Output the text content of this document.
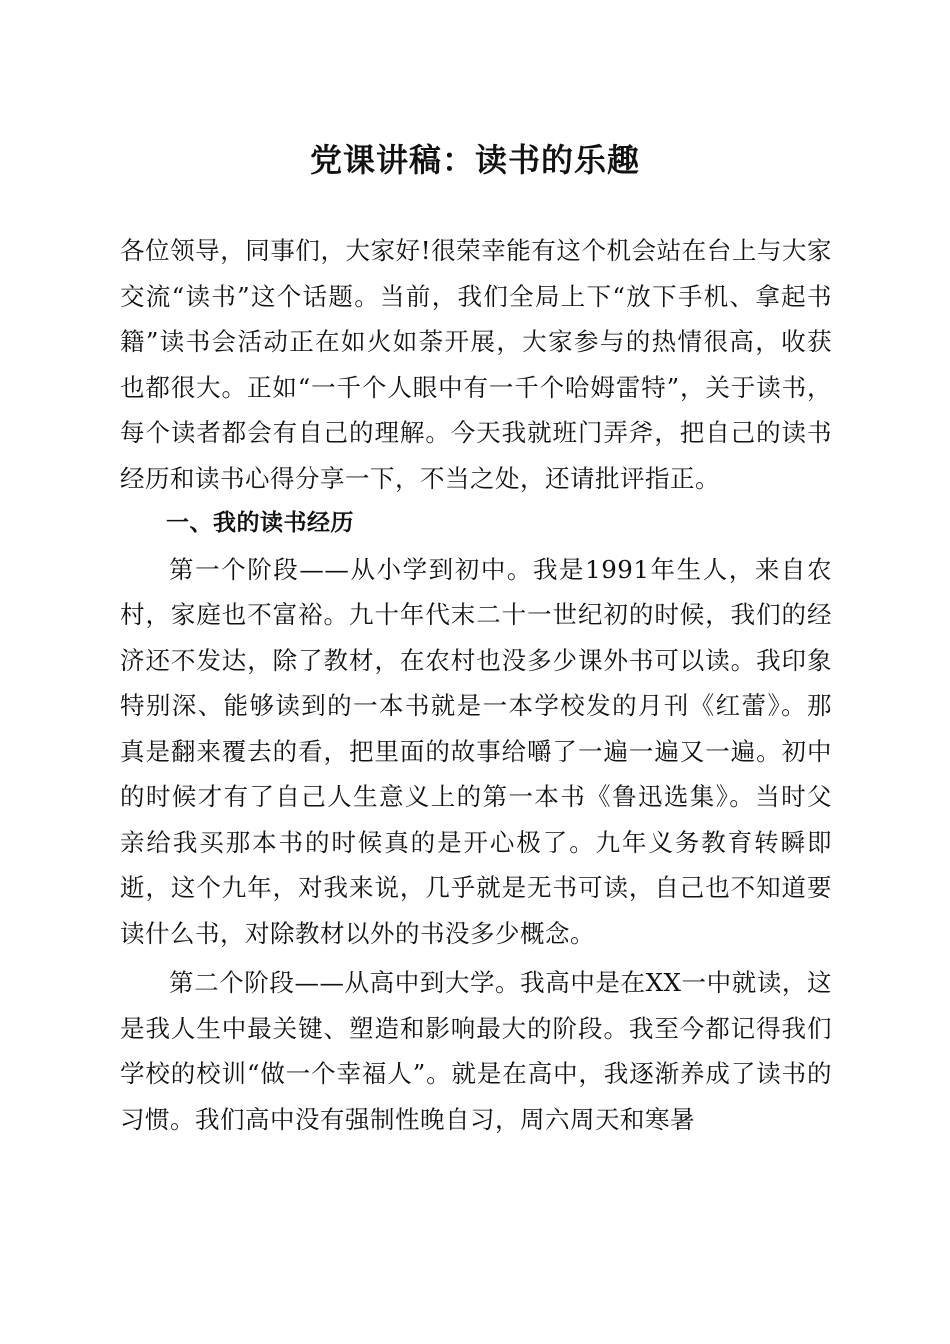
党课讲稿：读书的乐趣

各位领导，同事们，大家好!很荣幸能有这个机会站在台上与大家交流“读书”这个话题。当前，我们全局上下“放下手机、拿起书籍”读书会活动正在如火如荼开展，大家参与的热情很高，收获也都很大。正如“一千个人眼中有一千个哈姆雷特”，关于读书，每个读者都会有自己的理解。今天我就班门弄斧，把自己的读书经历和读书心得分享一下，不当之处，还请批评指正。

一、我的读书经历

第一个阶段——从小学到初中。我是1991年生人，来自农村，家庭也不富裕。九十年代末二十一世纪初的时候，我们的经济还不发达，除了教材，在农村也没多少课外书可以读。我印象特别深、能够读到的一本书就是一本学校发的月刊《红蕾》。那真是翻来覆去的看，把里面的故事给嚼了一遍一遍又一遍。初中的时候才有了自己人生意义上的第一本书《鲁迅选集》。当时父亲给我买那本书的时候真的是开心极了。九年义务教育转瞬即逝，这个九年，对我来说，几乎就是无书可读，自己也不知道要读什么书，对除教材以外的书没多少概念。

第二个阶段——从高中到大学。我高中是在XX一中就读，这是我人生中最关键、塑造和影响最大的阶段。我至今都记得我们学校的校训“做一个幸福人”。就是在高中，我逐渐养成了读书的习惯。我们高中没有强制性晚自习，周六周天和寒暑
